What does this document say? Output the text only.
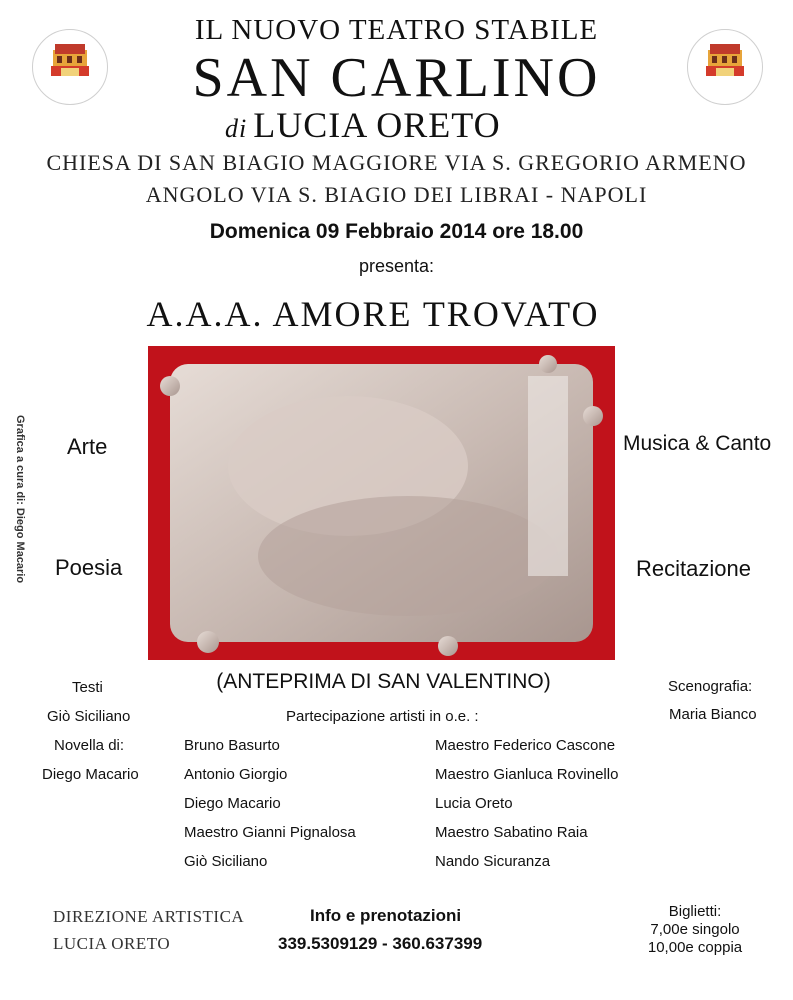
IL NUOVO TEATRO STABILE
SAN CARLINO
di LUCIA ORETO
CHIESA DI SAN BIAGIO MAGGIORE VIA S. GREGORIO ARMENO
ANGOLO VIA S. BIAGIO DEI LIBRAI - NAPOLI
Domenica 09 Febbraio 2014 ore 18.00
presenta:
A.A.A. AMORE TROVATO
Arte	Musica & Canto
Poesia	Recitazione
Grafica a cura di: Diego Macario
(ANTEPRIMA DI SAN VALENTINO)
Testi
Giò Siciliano
Novella di:
Diego Macario
Scenografia:
Maria Bianco
Partecipazione artisti in o.e. :
Bruno Basurto
Antonio Giorgio
Diego Macario
Maestro Gianni Pignalosa
Giò Siciliano
Maestro Federico Cascone
Maestro Gianluca Rovinello
Lucia Oreto
Maestro Sabatino Raia
Nando Sicuranza
DIREZIONE ARTISTICA
LUCIA ORETO
Info e prenotazioni
339.5309129 - 360.637399
Biglietti:
7,00e singolo
10,00e coppia
